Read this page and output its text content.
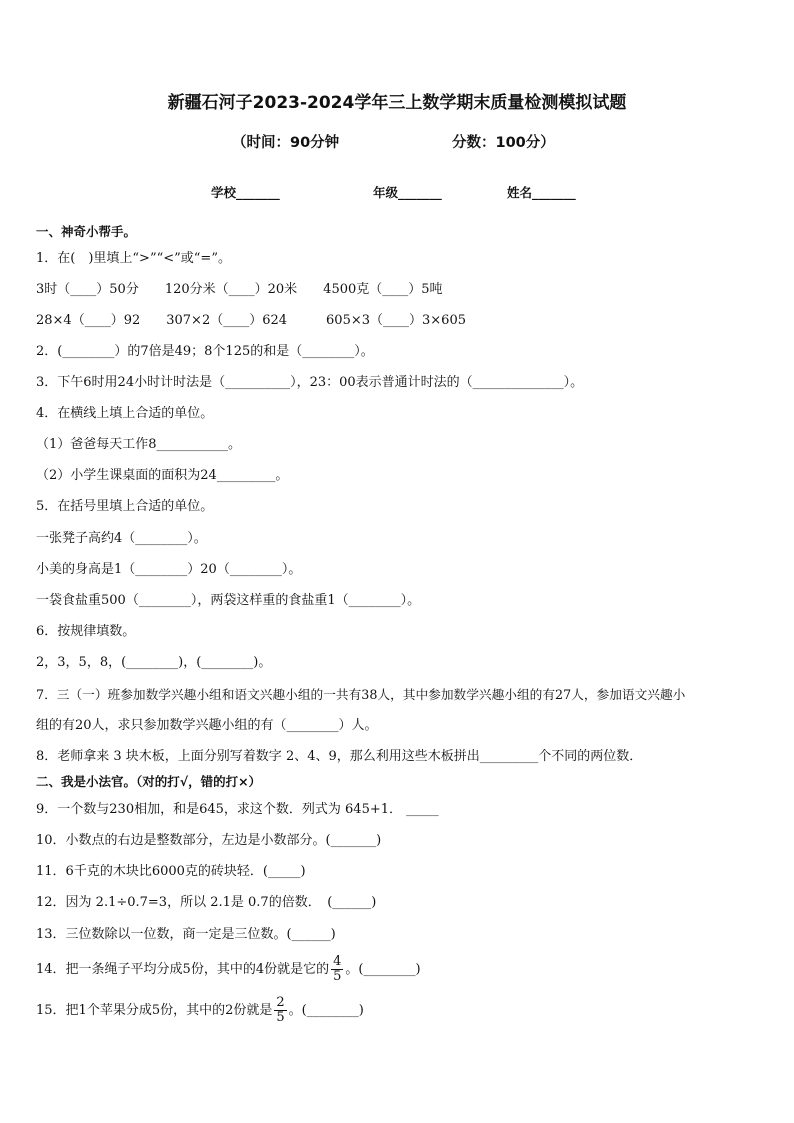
新疆石河子2023-2024学年三上数学期末质量检测模拟试题
（时间：90分钟	分数：100分）
学校_______	年级_______	姓名_______
一、神奇小帮手。
1．在(　)里填上“>”“<”或“=”。
3时（____）50分　　120分米（____）20米　　4500克（____）5吨
28×4（____）92　　307×2（____）624　　　605×3（____）3×605
2．(________）的7倍是49；8个125的和是（________）。
3．下午6时用24小时计时法是（__________），23：00表示普通计时法的（______________）。
4．在横线上填上合适的单位。
（1）爸爸每天工作8___________。
（2）小学生课桌面的面积为24_________。
5．在括号里填上合适的单位。
一张凳子高约4（________）。
小美的身高是1（________）20（________）。
一袋食盐重500（________），两袋这样重的食盐重1（________）。
6．按规律填数。
2，3，5，8，(________)，(________)。
7．三（一）班参加数学兴趣小组和语文兴趣小组的一共有38人，其中参加数学兴趣小组的有27人，参加语文兴趣小
组的有20人，求只参加数学兴趣小组的有（________）人。
8．老师拿来 3 块木板，上面分别写着数字 2、4、9，那么利用这些木板拼出_________个不同的两位数．
二、我是小法官。（对的打√，错的打×）
9．一个数与230相加，和是645，求这个数．列式为 645+1． _____
10．小数点的右边是整数部分，左边是小数部分。(_______)
11．6千克的木块比6000克的砖块轻．(_____)
12．因为 2.1÷0.7=3，所以 2.1是 0.7的倍数．　(______)
13．三位数除以一位数，商一定是三位数。(______)
14．把一条绳子平均分成5份，其中的4份就是它的 $\frac{4}{5}$ 。(________)
15．把1个苹果分成5份，其中的2份就是 $\frac{2}{5}$ 。(________)
